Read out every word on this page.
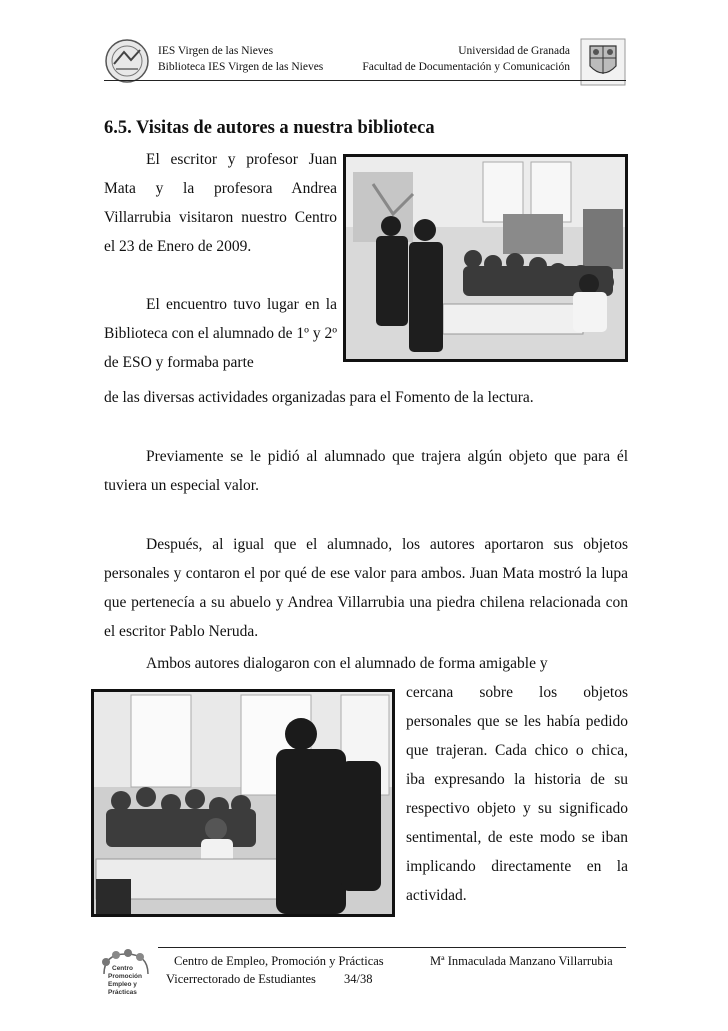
IES Virgen de las Nieves
Biblioteca IES Virgen de las Nieves
Universidad de Granada
Facultad de Documentación y Comunicación
6.5. Visitas de autores a nuestra biblioteca
El escritor y profesor Juan Mata y la profesora Andrea Villarrubia visitaron nuestro Centro el 23 de Enero de 2009.
El encuentro tuvo lugar en la Biblioteca con el alumnado de 1º y 2º de ESO y formaba parte
de las diversas actividades organizadas para el Fomento de la lectura.
Previamente se le pidió al alumnado que trajera algún objeto que para él tuviera un especial valor.
Después, al igual que el alumnado, los autores aportaron sus objetos personales y contaron el por qué de ese valor para ambos. Juan Mata mostró la lupa que pertenecía a su abuelo y Andrea Villarrubia una piedra chilena relacionada con el escritor Pablo Neruda.
Ambos autores dialogaron con el alumnado de forma amigable y
cercana sobre los objetos personales que se les había pedido que trajeran. Cada chico o chica, iba expresando la historia de su respectivo objeto y su significado sentimental, de este modo se iban implicando directamente en la actividad.
Centro
Promoción
Empleo y
Prácticas
Centro de Empleo, Promoción y Prácticas
Vicerrectorado de Estudiantes 34/38
Mª Inmaculada Manzano Villarrubia
